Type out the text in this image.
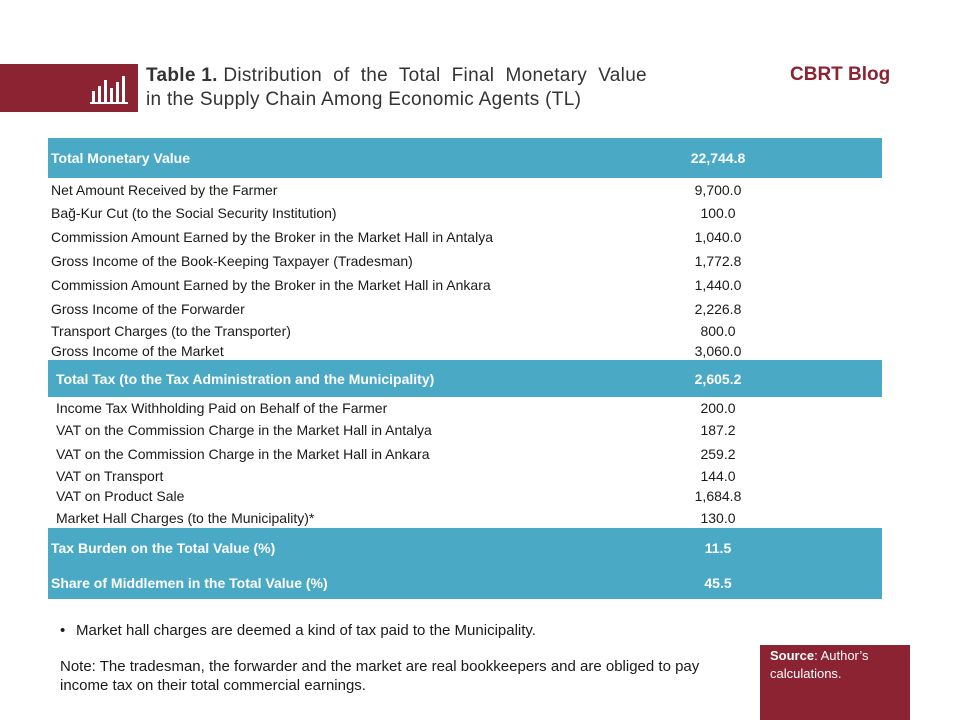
Table 1. Distribution  of  the  Total  Final  Monetary  Value
in the Supply Chain Among Economic Agents (TL)
CBRT Blog
Total Monetary Value	22,744.8
Net Amount Received by the Farmer	9,700.0
Bağ-Kur Cut (to the Social Security Institution)	100.0
Commission Amount Earned by the Broker in the Market Hall in Antalya	1,040.0
Gross Income of the Book-Keeping Taxpayer (Tradesman)	1,772.8
Commission Amount Earned by the Broker in the Market Hall in Ankara	1,440.0
Gross Income of the Forwarder	2,226.8
Transport Charges (to the Transporter)	800.0
Gross Income of the Market	3,060.0
Total Tax (to the Tax Administration and the Municipality)	2,605.2
Income Tax Withholding Paid on Behalf of the Farmer	200.0
VAT on the Commission Charge in the Market Hall in Antalya	187.2
VAT on the Commission Charge in the Market Hall in Ankara	259.2
VAT on Transport	144.0
VAT on Product Sale	1,684.8
Market Hall Charges (to the Municipality)*	130.0
Tax Burden on the Total Value (%)	11.5
Share of Middlemen in the Total Value (%)	45.5
• Market hall charges are deemed a kind of tax paid to the Municipality.
Note: The tradesman, the forwarder and the market are real bookkeepers and are obliged to pay income tax on their total commercial earnings.
Source: Author’s calculations.
